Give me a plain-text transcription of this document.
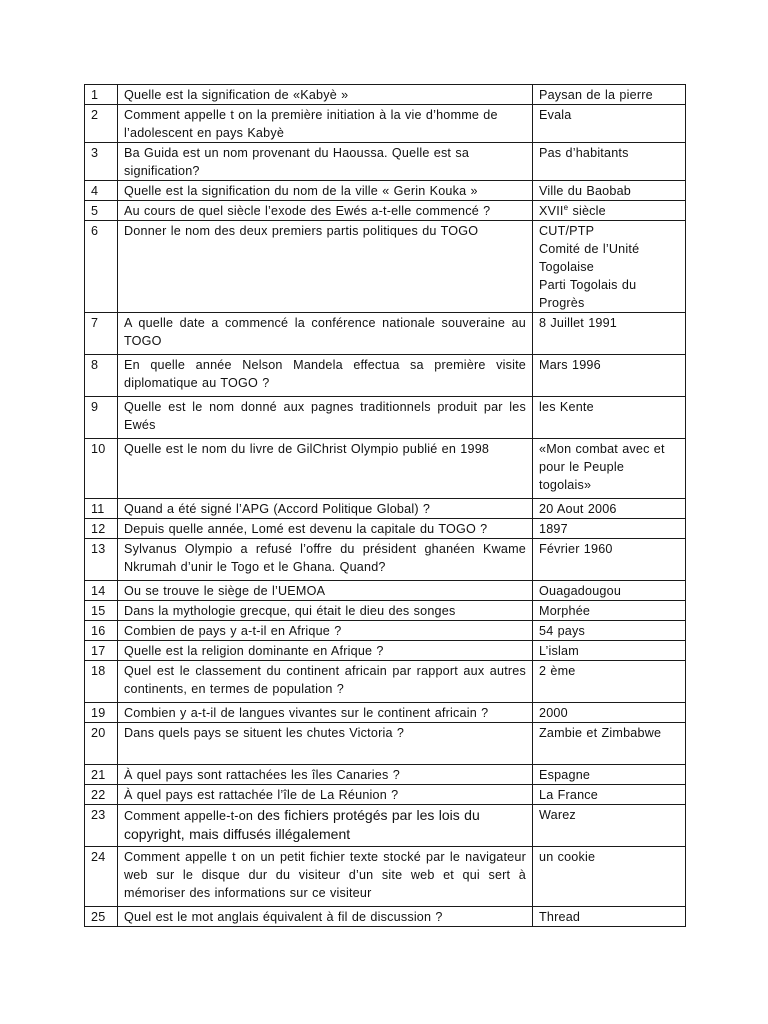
1	Quelle est la signification de «Kabyè »	Paysan de la pierre
2	Comment appelle t on la première initiation à la vie d’homme de l’adolescent en pays Kabyè	Evala
3	Ba Guida est un nom provenant du Haoussa. Quelle est sa signification?	Pas d’habitants
4	Quelle est la signification du nom de la ville « Gerin Kouka »	Ville du Baobab
5	Au cours de quel siècle l’exode des Ewés a-t-elle commencé ?	XVIIe siècle
6	Donner le nom des deux premiers partis politiques du TOGO	CUT/PTP
Comité de l’Unité Togolaise
Parti Togolais du Progrès
7	A quelle date a commencé la conférence nationale souveraine au TOGO	8 Juillet 1991
8	En quelle année Nelson Mandela effectua sa première visite diplomatique au TOGO ?	Mars 1996
9	Quelle est le nom donné aux pagnes traditionnels produit par les Ewés	les Kente
10	Quelle est le nom du livre de GilChrist Olympio publié en 1998	«Mon combat avec et pour le Peuple togolais»
11	Quand a été signé l’APG (Accord Politique Global) ?	20 Aout 2006
12	Depuis quelle année, Lomé est devenu la capitale du TOGO ?	1897
13	Sylvanus Olympio a refusé l’offre du président ghanéen Kwame Nkrumah d’unir le Togo et le Ghana. Quand?	Février 1960
14	Ou se trouve le siège de l’UEMOA	Ouagadougou
15	Dans la mythologie grecque, qui était le dieu des songes	Morphée
16	Combien de pays y a-t-il en Afrique ?	54 pays
17	Quelle est la religion dominante en Afrique ?	L’islam
18	Quel est le classement du continent africain par rapport aux autres continents, en termes de population ?	2 ème
19	Combien y a-t-il de langues vivantes sur le continent africain ?	2000
20	Dans quels pays se situent les chutes Victoria ?	Zambie et Zimbabwe
21	À quel pays sont rattachées les îles Canaries ?	Espagne
22	À quel pays est rattachée l’île de La Réunion ?	La France
23	Comment appelle-t-on des fichiers protégés par les lois du copyright, mais diffusés illégalement	Warez
24	Comment appelle t on un petit fichier texte stocké par le navigateur web sur le disque dur du visiteur d’un site web et qui sert à mémoriser des informations sur ce visiteur	un cookie
25	Quel est le mot anglais équivalent à fil de discussion ?	Thread
